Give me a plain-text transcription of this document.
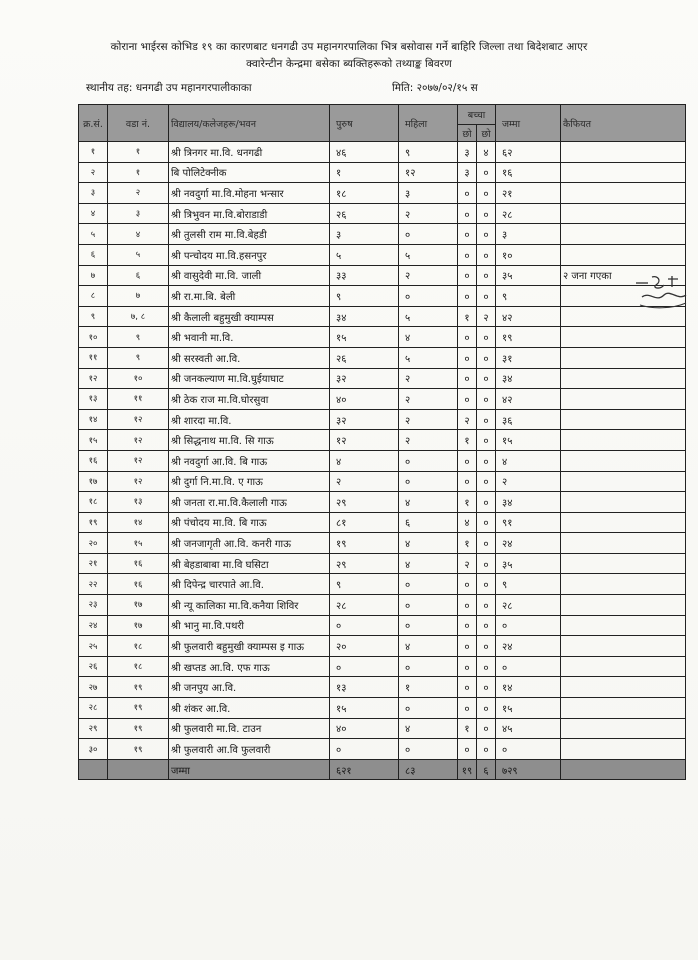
कोराना भाईरस कोभिड १९ का कारणबाट धनगढी उप महानगरपालिका भित्र बसोवास गर्ने बाहिरि जिल्ला तथा बिदेशबाट आएर
क्वारेन्टीन केन्द्रमा बसेका ब्यक्तिहरूको तथ्याङ्क बिवरण
स्थानीय तह: धनगढी उप महानगरपालीकाका	मिति: २०७७/०२/१५ स
क्र.सं.	वडा नं.	विद्यालय/कलेजहरू/भवन	पुरुष	महिला	बच्चा		जम्मा	कैफियत
					छो	छो		
१	१	श्री त्रिनगर मा.वि. धनगढी	४६	९	३	४	६२	
२	१	बि पोलिटेक्नीक	१	१२	३	०	१६	
३	२	श्री नवदुर्गा मा.वि.मोहना भन्सार	१८	३	०	०	२१	
४	३	श्री त्रिभुवन मा.वि.बोराडाडी	२६	२	०	०	२८	
५	४	श्री तुलसी राम मा.वि.बेहडी	३	०	०	०	३	
६	५	श्री पन्चोदय मा.वि.हसनपुर	५	५	०	०	१०	
७	६	श्री वासुदेवी मा.वि. जाली	३३	२	०	०	३५	२ जना गएका
८	७	श्री रा.मा.बि. बेली	९	०	०	०	९	
९	७, ८	श्री कैलाली बहुमुखी क्याम्पस	३४	५	१	२	४२	
१०	९	श्री भवानी मा.वि.	१५	४	०	०	१९	
११	९	श्री सरस्वती आ.वि.	२६	५	०	०	३१	
१२	१०	श्री जनकल्याण मा.वि.घुईयाघाट	३२	२	०	०	३४	
१३	११	श्री ठेक राज मा.वि.घोरसुवा	४०	२	०	०	४२	
१४	१२	श्री शारदा मा.वि.	३२	२	२	०	३६	
१५	१२	श्री सिद्धनाथ मा.वि. सि गाऊ	१२	२	१	०	१५	
१६	१२	श्री नवदुर्गा आ.वि. बि गाऊ	४	०	०	०	४	
१७	१२	श्री दुर्गा नि.मा.वि. ए गाऊ	२	०	०	०	२	
१८	१३	श्री जनता रा.मा.वि.कैलाली गाऊ	२९	४	१	०	३४	
१९	१४	श्री पंचोदय मा.वि. बि गाऊ	८१	६	४	०	९१	
२०	१५	श्री जनजागृती आ.वि. कनरी गाऊ	१९	४	१	०	२४	
२१	१६	श्री बेहडाबाबा मा.वि घसिटा	२९	४	२	०	३५	
२२	१६	श्री दिपेन्द्र चारपाते आ.वि.	९	०	०	०	९	
२३	१७	श्री न्यू कालिका मा.वि.कनैया शिविर	२८	०	०	०	२८	
२४	१७	श्री भानु मा.वि.पथरी	०	०	०	०	०	
२५	१८	श्री फुलवारी बहुमुखी क्याम्पस इ गाऊ	२०	४	०	०	२४	
२६	१८	श्री खप्तड आ.वि. एफ गाऊ	०	०	०	०	०	
२७	१९	श्री जनपुय आ.वि.	१३	१	०	०	१४	
२८	१९	श्री शंकर आ.वि.	१५	०	०	०	१५	
२९	१९	श्री फुलवारी मा.वि. टाउन	४०	४	१	०	४५	
३०	१९	श्री फुलवारी आ.वि फुलवारी	०	०	०	०	०	
		जम्मा	६२१	८३	१९	६	७२९	
